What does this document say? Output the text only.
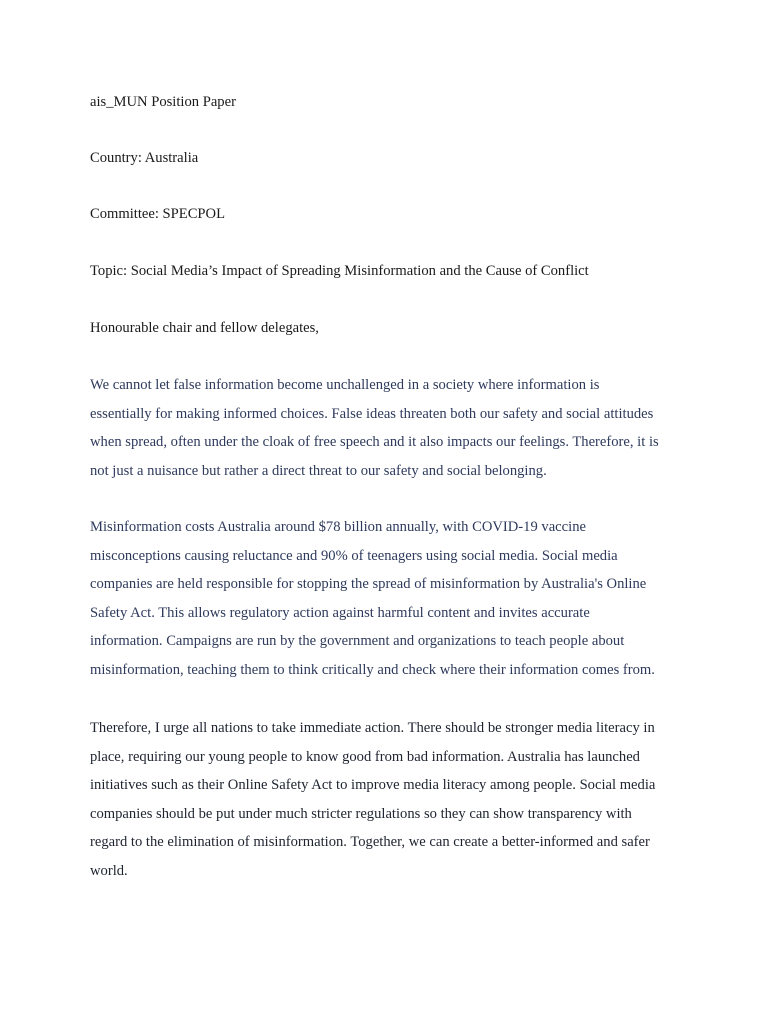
ais_MUN Position Paper

Country: Australia

Committee: SPECPOL

Topic: Social Media’s Impact of Spreading Misinformation and the Cause of Conflict

Honourable chair and fellow delegates,

We cannot let false information become unchallenged in a society where information is
essentially for making informed choices. False ideas threaten both our safety and social attitudes
when spread, often under the cloak of free speech and it also impacts our feelings. Therefore, it is
not just a nuisance but rather a direct threat to our safety and social belonging.
Misinformation costs Australia around $78 billion annually, with COVID-19 vaccine
misconceptions causing reluctance and 90% of teenagers using social media. Social media
companies are held responsible for stopping the spread of misinformation by Australia's Online
Safety Act. This allows regulatory action against harmful content and invites accurate
information. Campaigns are run by the government and organizations to teach people about
misinformation, teaching them to think critically and check where their information comes from.
Therefore, I urge all nations to take immediate action. There should be stronger media literacy in
place, requiring our young people to know good from bad information. Australia has launched
initiatives such as their Online Safety Act to improve media literacy among people. Social media
companies should be put under much stricter regulations so they can show transparency with
regard to the elimination of misinformation. Together, we can create a better-informed and safer
world.
